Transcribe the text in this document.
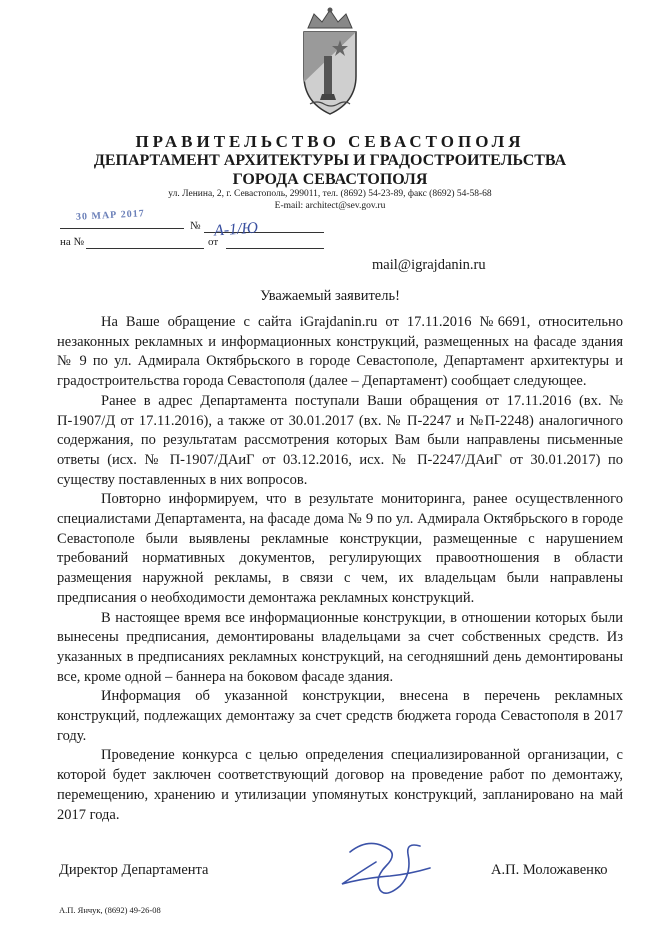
ПРАВИТЕЛЬСТВО СЕВАСТОПОЛЯ
ДЕПАРТАМЕНТ АРХИТЕКТУРЫ И ГРАДОСТРОИТЕЛЬСТВА
ГОРОДА СЕВАСТОПОЛЯ
ул. Ленина, 2, г. Севастополь, 299011, тел. (8692) 54-23-89, факс (8692) 54-58-68
E-mail: architect@sev.gov.ru
30 МАР 2017
№ А-1/Ю
на №	от
mail@igrajdanin.ru
Уважаемый заявитель!

На Ваше обращение с сайта iGrajdanin.ru от 17.11.2016 №6691, относительно незаконных рекламных и информационных конструкций, размещенных на фасаде здания № 9 по ул. Адмирала Октябрьского в городе Севастополе, Департамент архитектуры и градостроительства города Севастополя (далее – Департамент) сообщает следующее.

Ранее в адрес Департамента поступали Ваши обращения от 17.11.2016 (вх. № П-1907/Д от 17.11.2016), а также от 30.01.2017 (вх. № П-2247 и №П-2248) аналогичного содержания, по результатам рассмотрения которых Вам были направлены письменные ответы (исх. № П-1907/ДАиГ от 03.12.2016, исх. № П-2247/ДАиГ от 30.01.2017) по существу поставленных в них вопросов.

Повторно информируем, что в результате мониторинга, ранее осуществленного специалистами Департамента, на фасаде дома № 9 по ул. Адмирала Октябрьского в городе Севастополе были выявлены рекламные конструкции, размещенные с нарушением требований нормативных документов, регулирующих правоотношения в области размещения наружной рекламы, в связи с чем, их владельцам были направлены предписания о необходимости демонтажа рекламных конструкций.

В настоящее время все информационные конструкции, в отношении которых были вынесены предписания, демонтированы владельцами за счет собственных средств. Из указанных в предписаниях рекламных конструкций, на сегодняшний день демонтированы все, кроме одной – баннера на боковом фасаде здания.

Информация об указанной конструкции, внесена в перечень рекламных конструкций, подлежащих демонтажу за счет средств бюджета города Севастополя в 2017 году.

Проведение конкурса с целью определения специализированной организации, с которой будет заключен соответствующий договор на проведение работ по демонтажу, перемещению, хранению и утилизации упомянутых конструкций, запланировано на май 2017 года.

Директор Департамента	А.П. Моложавенко
А.П. Янчук, (8692) 49-26-08
